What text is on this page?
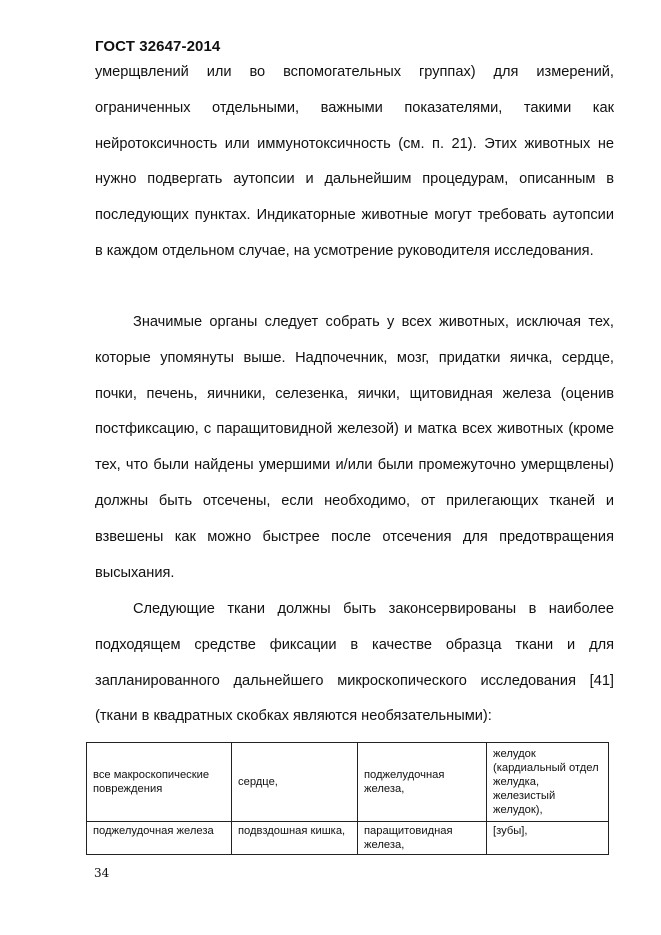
ГОСТ 32647-2014

умерщвлений или во вспомогательных группах) для измерений, ограниченных отдельными, важными показателями, такими как нейротоксичность или иммунотоксичность (см. п. 21). Этих животных не нужно подвергать аутопсии и дальнейшим процедурам, описанным в последующих пунктах. Индикаторные животные могут требовать аутопсии в каждом отдельном случае, на усмотрение руководителя исследования.

Значимые органы следует собрать у всех животных, исключая тех, которые упомянуты выше. Надпочечник, мозг, придатки яичка, сердце, почки, печень, яичники, селезенка, яички, щитовидная железа (оценив постфиксацию, с паращитовидной железой) и матка всех животных (кроме тех, что были найдены умершими и/или были промежуточно умерщвлены) должны быть отсечены, если необходимо, от прилегающих тканей и взвешены как можно быстрее после отсечения для предотвращения высыхания.

Следующие ткани должны быть законсервированы в наиболее подходящем средстве фиксации в качестве образца ткани и для запланированного дальнейшего микроскопического исследования [41] (ткани в квадратных скобках являются необязательными):

все макроскопические повреждения	сердце,	поджелудочная железа,	желудок (кардиальный отдел желудка, железистый желудок),
поджелудочная железа	подвздошная кишка,	паращитовидная железа,	[зубы],
34
